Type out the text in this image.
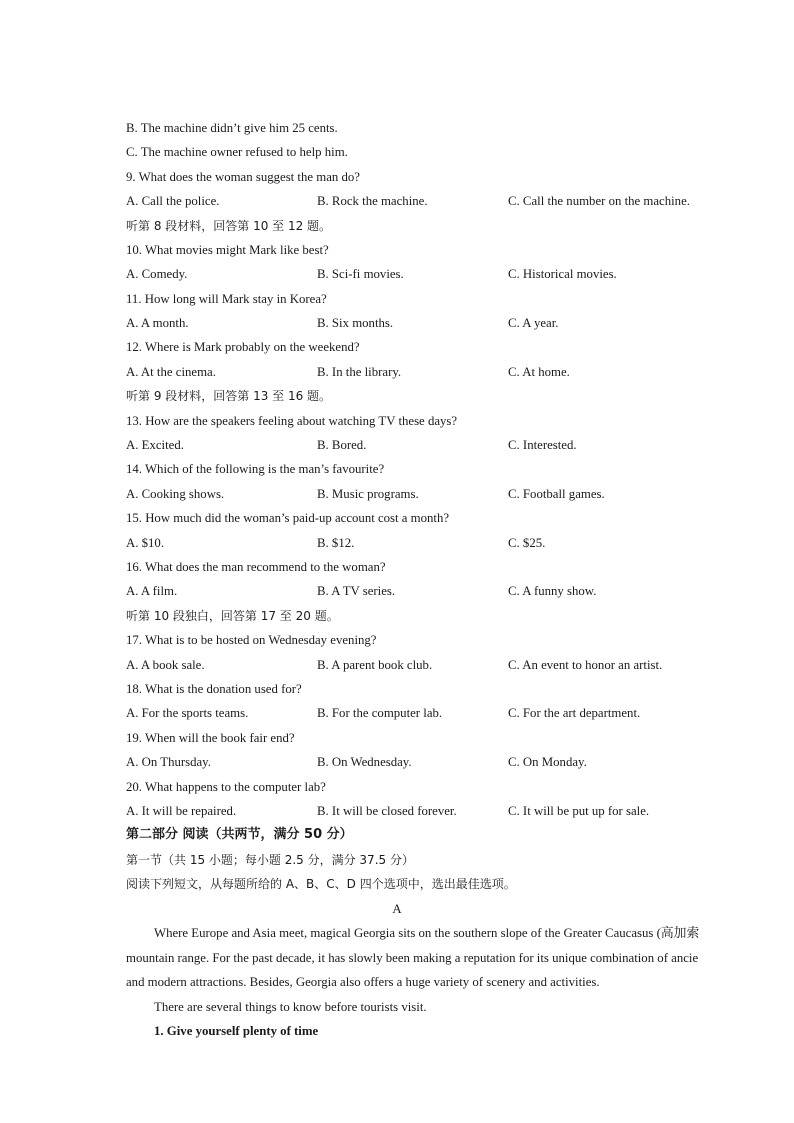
B. The machine didn’t give him 25 cents.
C. The machine owner refused to help him.
9. What does the woman suggest the man do?
A. Call the police.	B. Rock the machine.	C. Call the number on the machine.
听第 8 段材料，回答第 10 至 12 题。
10. What movies might Mark like best?
A. Comedy.	B. Sci-fi movies.	C. Historical movies.
11. How long will Mark stay in Korea?
A. A month.	B. Six months.	C. A year.
12. Where is Mark probably on the weekend?
A. At the cinema.	B. In the library.	C. At home.
听第 9 段材料，回答第 13 至 16 题。
13. How are the speakers feeling about watching TV these days?
A. Excited.	B. Bored.	C. Interested.
14. Which of the following is the man’s favourite?
A. Cooking shows.	B. Music programs.	C. Football games.
15. How much did the woman’s paid-up account cost a month?
A. $10.	B. $12.	C. $25.
16. What does the man recommend to the woman?
A. A film.	B. A TV series.	C. A funny show.
听第 10 段独白，回答第 17 至 20 题。
17. What is to be hosted on Wednesday evening?
A. A book sale.	B. A parent book club.	C. An event to honor an artist.
18. What is the donation used for?
A. For the sports teams.	B. For the computer lab.	C. For the art department.
19. When will the book fair end?
A. On Thursday.	B. On Wednesday.	C. On Monday.
20. What happens to the computer lab?
A. It will be repaired.	B. It will be closed forever.	C. It will be put up for sale.
第二部分 阅读（共两节，满分 50 分）
第一节（共 15 小题；每小题 2.5 分，满分 37.5 分）
阅读下列短文，从每题所给的 A、B、C、D 四个选项中，选出最佳选项。
A
Where Europe and Asia meet, magical Georgia sits on the southern slope of the Greater Caucasus (高加索
mountain range. For the past decade, it has slowly been making a reputation for its unique combination of ancie
and modern attractions. Besides, Georgia also offers a huge variety of scenery and activities.
There are several things to know before tourists visit.
1. Give yourself plenty of time
